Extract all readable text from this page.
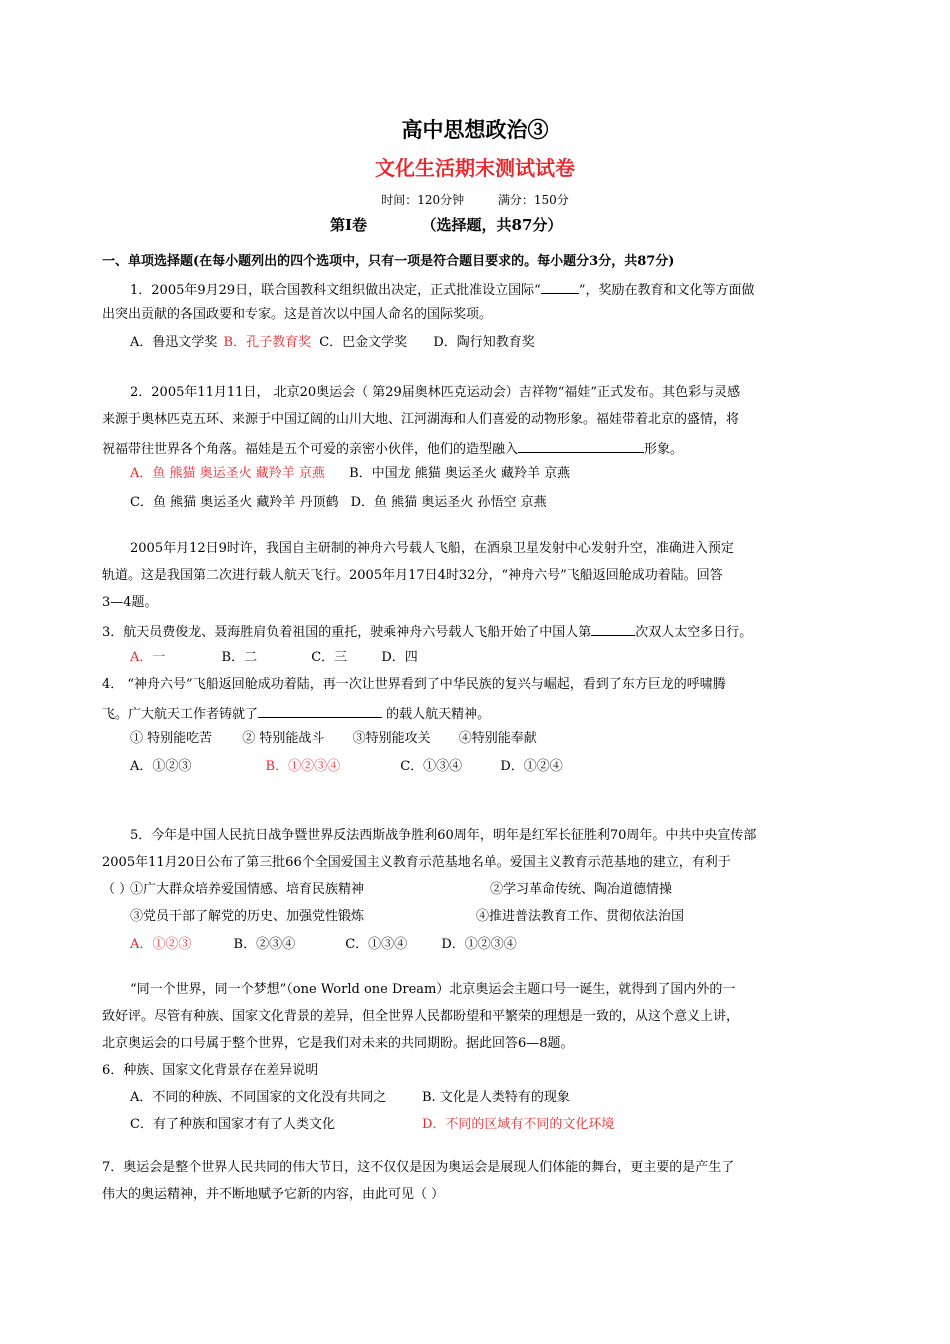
高中思想政治③
文化生活期末测试试卷
时间：120分钟	满分：150分
第Ⅰ卷	（选择题，共87分）
一、单项选择题(在每小题列出的四个选项中，只有一项是符合题目要求的。每小题分3分，共87分)
1．2005年9月29日，联合国教科文组织做出决定，正式批准设立国际“	”，奖励在教育和文化等方面做
出突出贡献的各国政要和专家。这是首次以中国人命名的国际奖项。
A．鲁迅文学奖 B．孔子教育奖 C．巴金文学奖 D．陶行知教育奖
2．2005年11月11日， 北京20奥运会（ 第29届奥林匹克运动会）吉祥物“福娃”正式发布。其色彩与灵感
来源于奥林匹克五环、来源于中国辽阔的山川大地、江河湖海和人们喜爱的动物形象。福娃带着北京的盛情，将
祝福带往世界各个角落。福娃是五个可爱的亲密小伙伴，他们的造型融入	形象。
A．鱼 熊猫 奥运圣火 藏羚羊 京燕 B．中国龙 熊猫 奥运圣火 藏羚羊 京燕
C．鱼 熊猫 奥运圣火 藏羚羊 丹顶鹤 D．鱼 熊猫 奥运圣火 孙悟空 京燕
2005年月12日9时许，我国自主研制的神舟六号载人飞船，在酒泉卫星发射中心发射升空，准确进入预定
轨道。这是我国第二次进行载人航天飞行。2005年月17日4时32分，“神舟六号”飞船返回舱成功着陆。回答
3—4题。
3．航天员费俊龙、聂海胜肩负着祖国的重托，驶乘神舟六号载人飞船开始了中国人第	次双人太空多日行。
A．一	B．二	C．三	D．四
4． “神舟六号”飞船返回舱成功着陆，再一次让世界看到了中华民族的复兴与崛起，看到了东方巨龙的呼啸腾
飞。广大航天工作者铸就了	的载人航天精神。
① 特别能吃苦 ② 特别能战斗 ③特别能攻关 ④特别能奉献
A．①②③	B．①②③④	C．①③④	D．①②④
5．今年是中国人民抗日战争暨世界反法西斯战争胜利60周年，明年是红军长征胜利70周年。中共中央宣传部
2005年11月20日公布了第三批66个全国爱国主义教育示范基地名单。爱国主义教育示范基地的建立，有利于
（ ）
①广大群众培养爱国情感、培育民族精神	②学习革命传统、陶冶道德情操
③党员干部了解党的历史、加强党性锻炼	④推进普法教育工作、贯彻依法治国
A．①②③	B．②③④	C．①③④	D．①②③④
“同一个世界，同一个梦想”（one World one Dream）北京奥运会主题口号一诞生，就得到了国内外的一
致好评。尽管有种族、国家文化背景的差异，但全世界人民都盼望和平繁荣的理想是一致的，从这个意义上讲，
北京奥运会的口号属于整个世界，它是我们对未来的共同期盼。据此回答6—8题。
6．种族、国家文化背景存在差异说明
A．不同的种族、不同国家的文化没有共同之	B. 文化是人类特有的现象
C．有了种族和国家才有了人类文化	D．不同的区域有不同的文化环境
7．奥运会是整个世界人民共同的伟大节日，这不仅仅是因为奥运会是展现人们体能的舞台，更主要的是产生了
伟大的奥运精神，并不断地赋予它新的内容，由此可见（ ）
